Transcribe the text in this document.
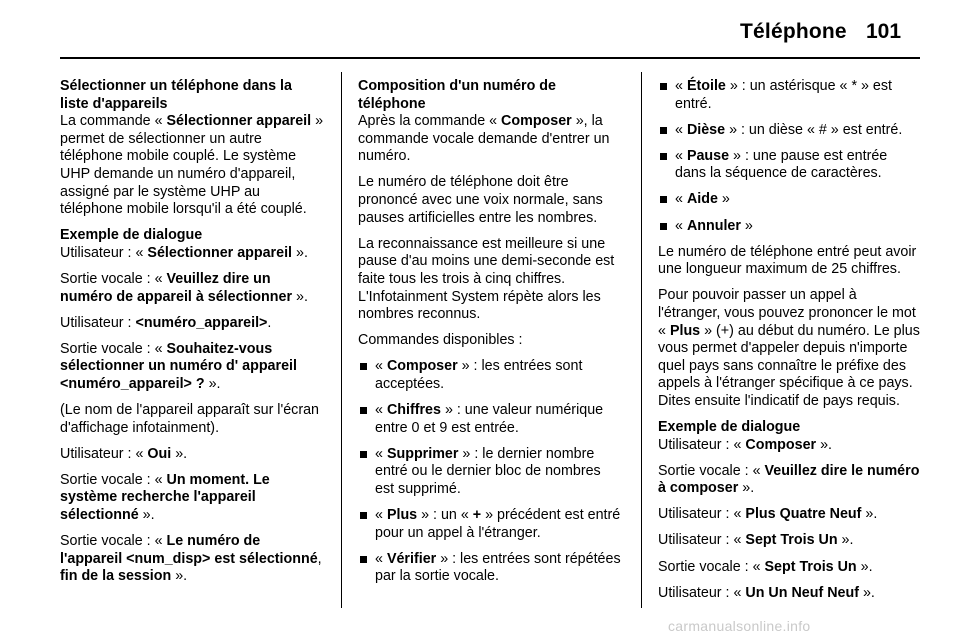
Téléphone 101
Sélectionner un téléphone dans la liste d'appareils
La commande « Sélectionner appareil » permet de sélectionner un autre téléphone mobile couplé. Le système UHP demande un numéro d'appareil, assigné par le système UHP au téléphone mobile lorsqu'il a été couplé.
Exemple de dialogue
Utilisateur : « Sélectionner appareil ».
Sortie vocale : « Veuillez dire un numéro de appareil à sélectionner ».
Utilisateur : <numéro_appareil>.
Sortie vocale : « Souhaitez-vous sélectionner un numéro d' appareil <numéro_appareil> ? ».
(Le nom de l'appareil apparaît sur l'écran d'affichage infotainment).
Utilisateur : « Oui ».
Sortie vocale : « Un moment. Le système recherche l'appareil sélectionné ».
Sortie vocale : « Le numéro de l'appareil <num_disp> est sélectionné, fin de la session ».
Composition d'un numéro de téléphone
Après la commande « Composer », la commande vocale demande d'entrer un numéro.
Le numéro de téléphone doit être prononcé avec une voix normale, sans pauses artificielles entre les nombres.
La reconnaissance est meilleure si une pause d'au moins une demi-seconde est faite tous les trois à cinq chiffres. L'Infotainment System répète alors les nombres reconnus.
Commandes disponibles :
« Composer » : les entrées sont acceptées.
« Chiffres » : une valeur numérique entre 0 et 9 est entrée.
« Supprimer » : le dernier nombre entré ou le dernier bloc de nombres est supprimé.
« Plus » : un « + » précédent est entré pour un appel à l'étranger.
« Vérifier » : les entrées sont répétées par la sortie vocale.
« Étoile » : un astérisque « * » est entré.
« Dièse » : un dièse « # » est entré.
« Pause » : une pause est entrée dans la séquence de caractères.
« Aide »
« Annuler »
Le numéro de téléphone entré peut avoir une longueur maximum de 25 chiffres.
Pour pouvoir passer un appel à l'étranger, vous pouvez prononcer le mot « Plus » (+) au début du numéro. Le plus vous permet d'appeler depuis n'importe quel pays sans connaître le préfixe des appels à l'étranger spécifique à ce pays. Dites ensuite l'indicatif de pays requis.
Exemple de dialogue
Utilisateur : « Composer ».
Sortie vocale : « Veuillez dire le numéro à composer ».
Utilisateur : « Plus Quatre Neuf ».
Utilisateur : « Sept Trois Un ».
Sortie vocale : « Sept Trois Un ».
Utilisateur : « Un Un Neuf Neuf ».
carmanualsonline.info
